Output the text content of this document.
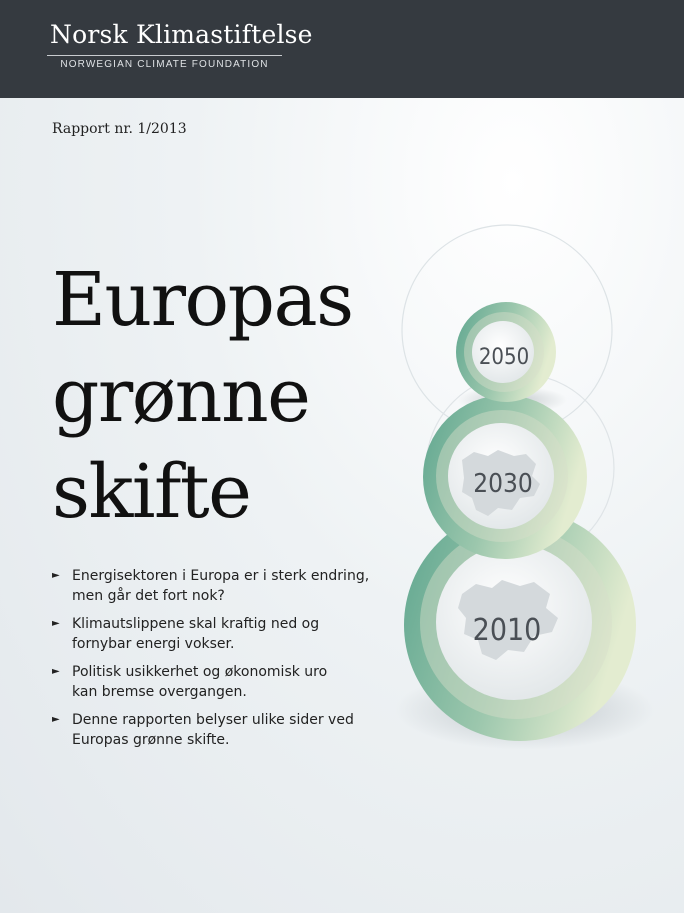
Norsk Klimastiftelse
NORWEGIAN CLIMATE FOUNDATION
Rapport nr. 1/2013
Europas
grønne
skifte
► Energisektoren i Europa er i sterk endring,
men går det fort nok?
► Klimautslippene skal kraftig ned og
fornybar energi vokser.
► Politisk usikkerhet og økonomisk uro
kan bremse overgangen.
► Denne rapporten belyser ulike sider ved
Europas grønne skifte.
2010
2030
2050
